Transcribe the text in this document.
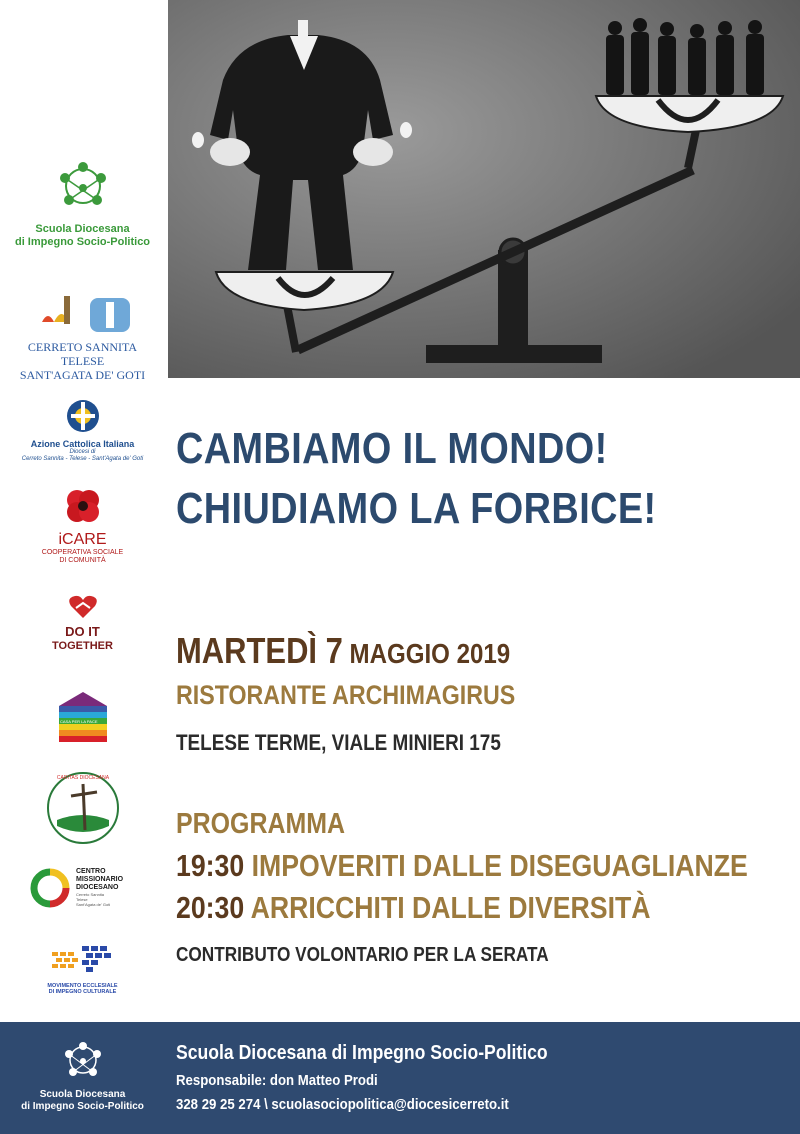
Scuola Diocesana
di Impegno Socio-Politico
CERRETO SANNITA
TELESE
SANT'AGATA DE' GOTI
Azione Cattolica Italiana
Diocesi di
Cerreto Sannita - Telese - Sant'Agata de' Goti
iCARE
COOPERATIVA SOCIALE
DI COMUNITÀ
DO IT
TOGETHER
CASA PER LA PACE
CARITAS DIOCESANA
CENTRO
MISSIONARIO
DIOCESANO
Cerreto Sannita
Telese
Sant'Agata de' Goti
MOVIMENTO ECCLESIALE
DI IMPEGNO CULTURALE
CAMBIAMO IL MONDO!
CHIUDIAMO LA FORBICE!
MARTEDÌ 7 MAGGIO 2019
RISTORANTE ARCHIMAGIRUS
TELESE TERME, VIALE MINIERI 175
PROGRAMMA
19:30 IMPOVERITI DALLE DISEGUAGLIANZE
20:30 ARRICCHITI DALLE DIVERSITÀ
CONTRIBUTO VOLONTARIO PER LA SERATA
Scuola Diocesana
di Impegno Socio-Politico
Scuola Diocesana di Impegno Socio-Politico
Responsabile: don Matteo Prodi
328 29 25 274 \ scuolasociopolitica@diocesicerreto.it
